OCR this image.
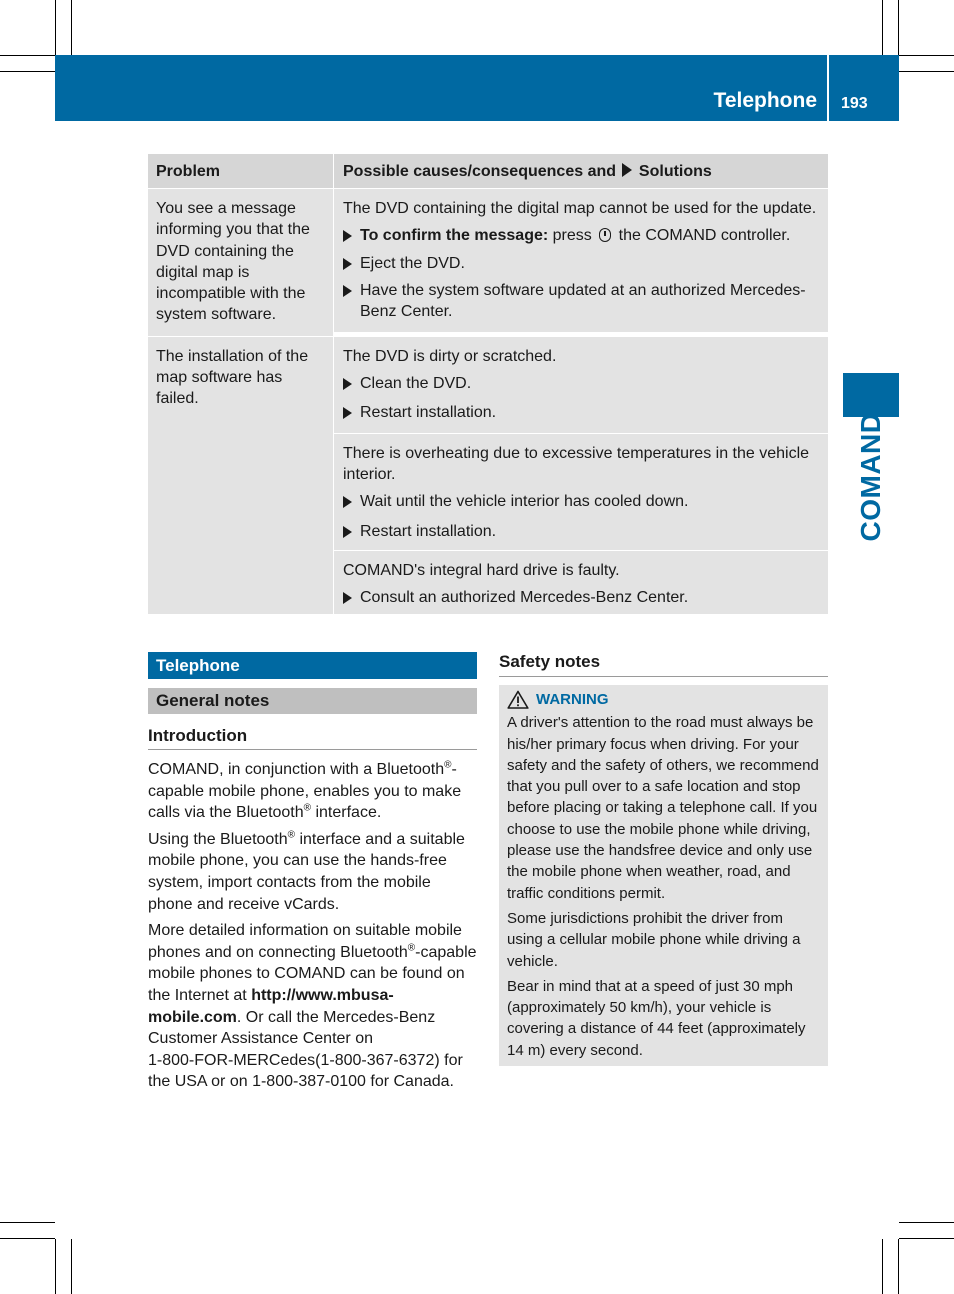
Telephone 193
COMAND
Problem	Possible causes/consequences and Solutions
You see a message informing you that the DVD containing the digital map is incompatible with the system software.

The DVD containing the digital map cannot be used for the update.

To confirm the message: press the COMAND controller.
Eject the DVD.
Have the system software updated at an authorized Mercedes-Benz Center.
The installation of the map software has failed.

The DVD is dirty or scratched.

Clean the DVD.
Restart installation.

There is overheating due to excessive temperatures in the vehicle interior.

Wait until the vehicle interior has cooled down.
Restart installation.

COMAND's integral hard drive is faulty.

Consult an authorized Mercedes-Benz Center.
Telephone
General notes
Introduction

COMAND, in conjunction with a Bluetooth®-capable mobile phone, enables you to make calls via the Bluetooth® interface.

Using the Bluetooth® interface and a suitable mobile phone, you can use the hands-free system, import contacts from the mobile phone and receive vCards.

More detailed information on suitable mobile phones and on connecting Bluetooth®-capable mobile phones to COMAND can be found on the Internet at http://www.mbusa-mobile.com. Or call the Mercedes-Benz Customer Assistance Center on
1-800-FOR-MERCedes(1-800-367-6372) for the USA or on 1-800-387-0100 for Canada.

Safety notes
WARNING

A driver's attention to the road must always be his/her primary focus when driving. For your safety and the safety of others, we recommend that you pull over to a safe location and stop before placing or taking a telephone call. If you choose to use the mobile phone while driving, please use the handsfree device and only use the mobile phone when weather, road, and traffic conditions permit.

Some jurisdictions prohibit the driver from using a cellular mobile phone while driving a vehicle.

Bear in mind that at a speed of just 30 mph (approximately 50 km/h), your vehicle is covering a distance of 44 feet (approximately 14 m) every second.
